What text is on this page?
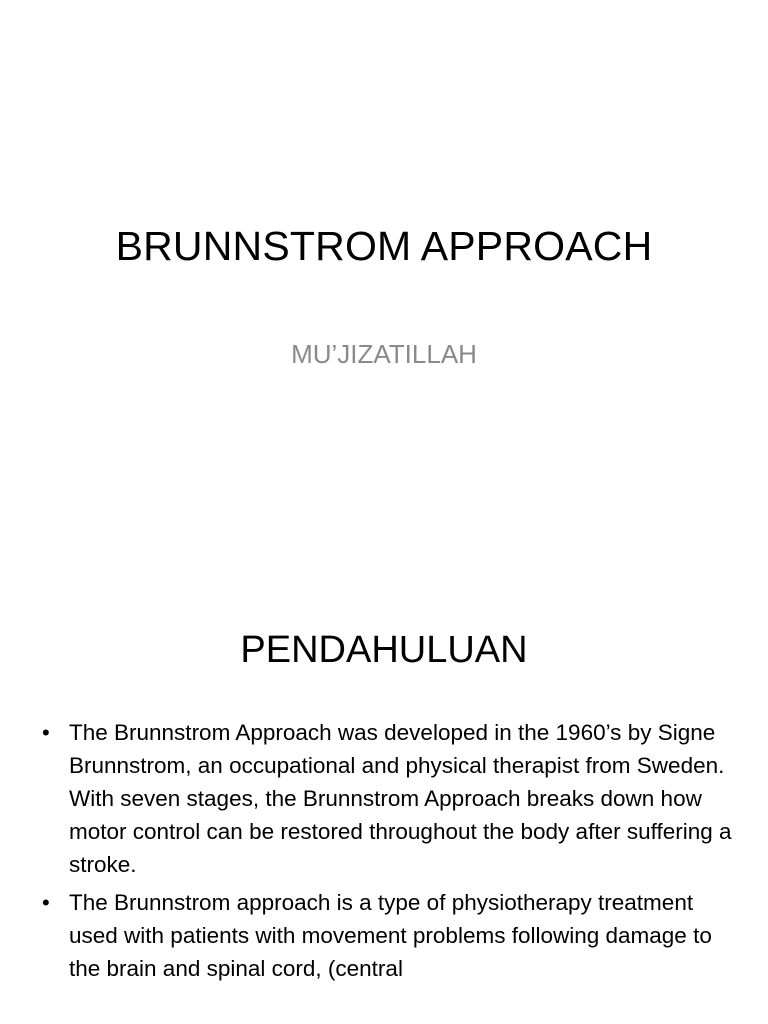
BRUNNSTROM APPROACH
MU’JIZATILLAH
PENDAHULUAN
• The Brunnstrom Approach was developed in the 1960’s by Signe Brunnstrom, an occupational and physical therapist from Sweden. With seven stages, the Brunnstrom Approach breaks down how motor control can be restored throughout the body after suffering a stroke.
• The Brunnstrom approach is a type of physiotherapy treatment used with patients with movement problems following damage to the brain and spinal cord, (central
